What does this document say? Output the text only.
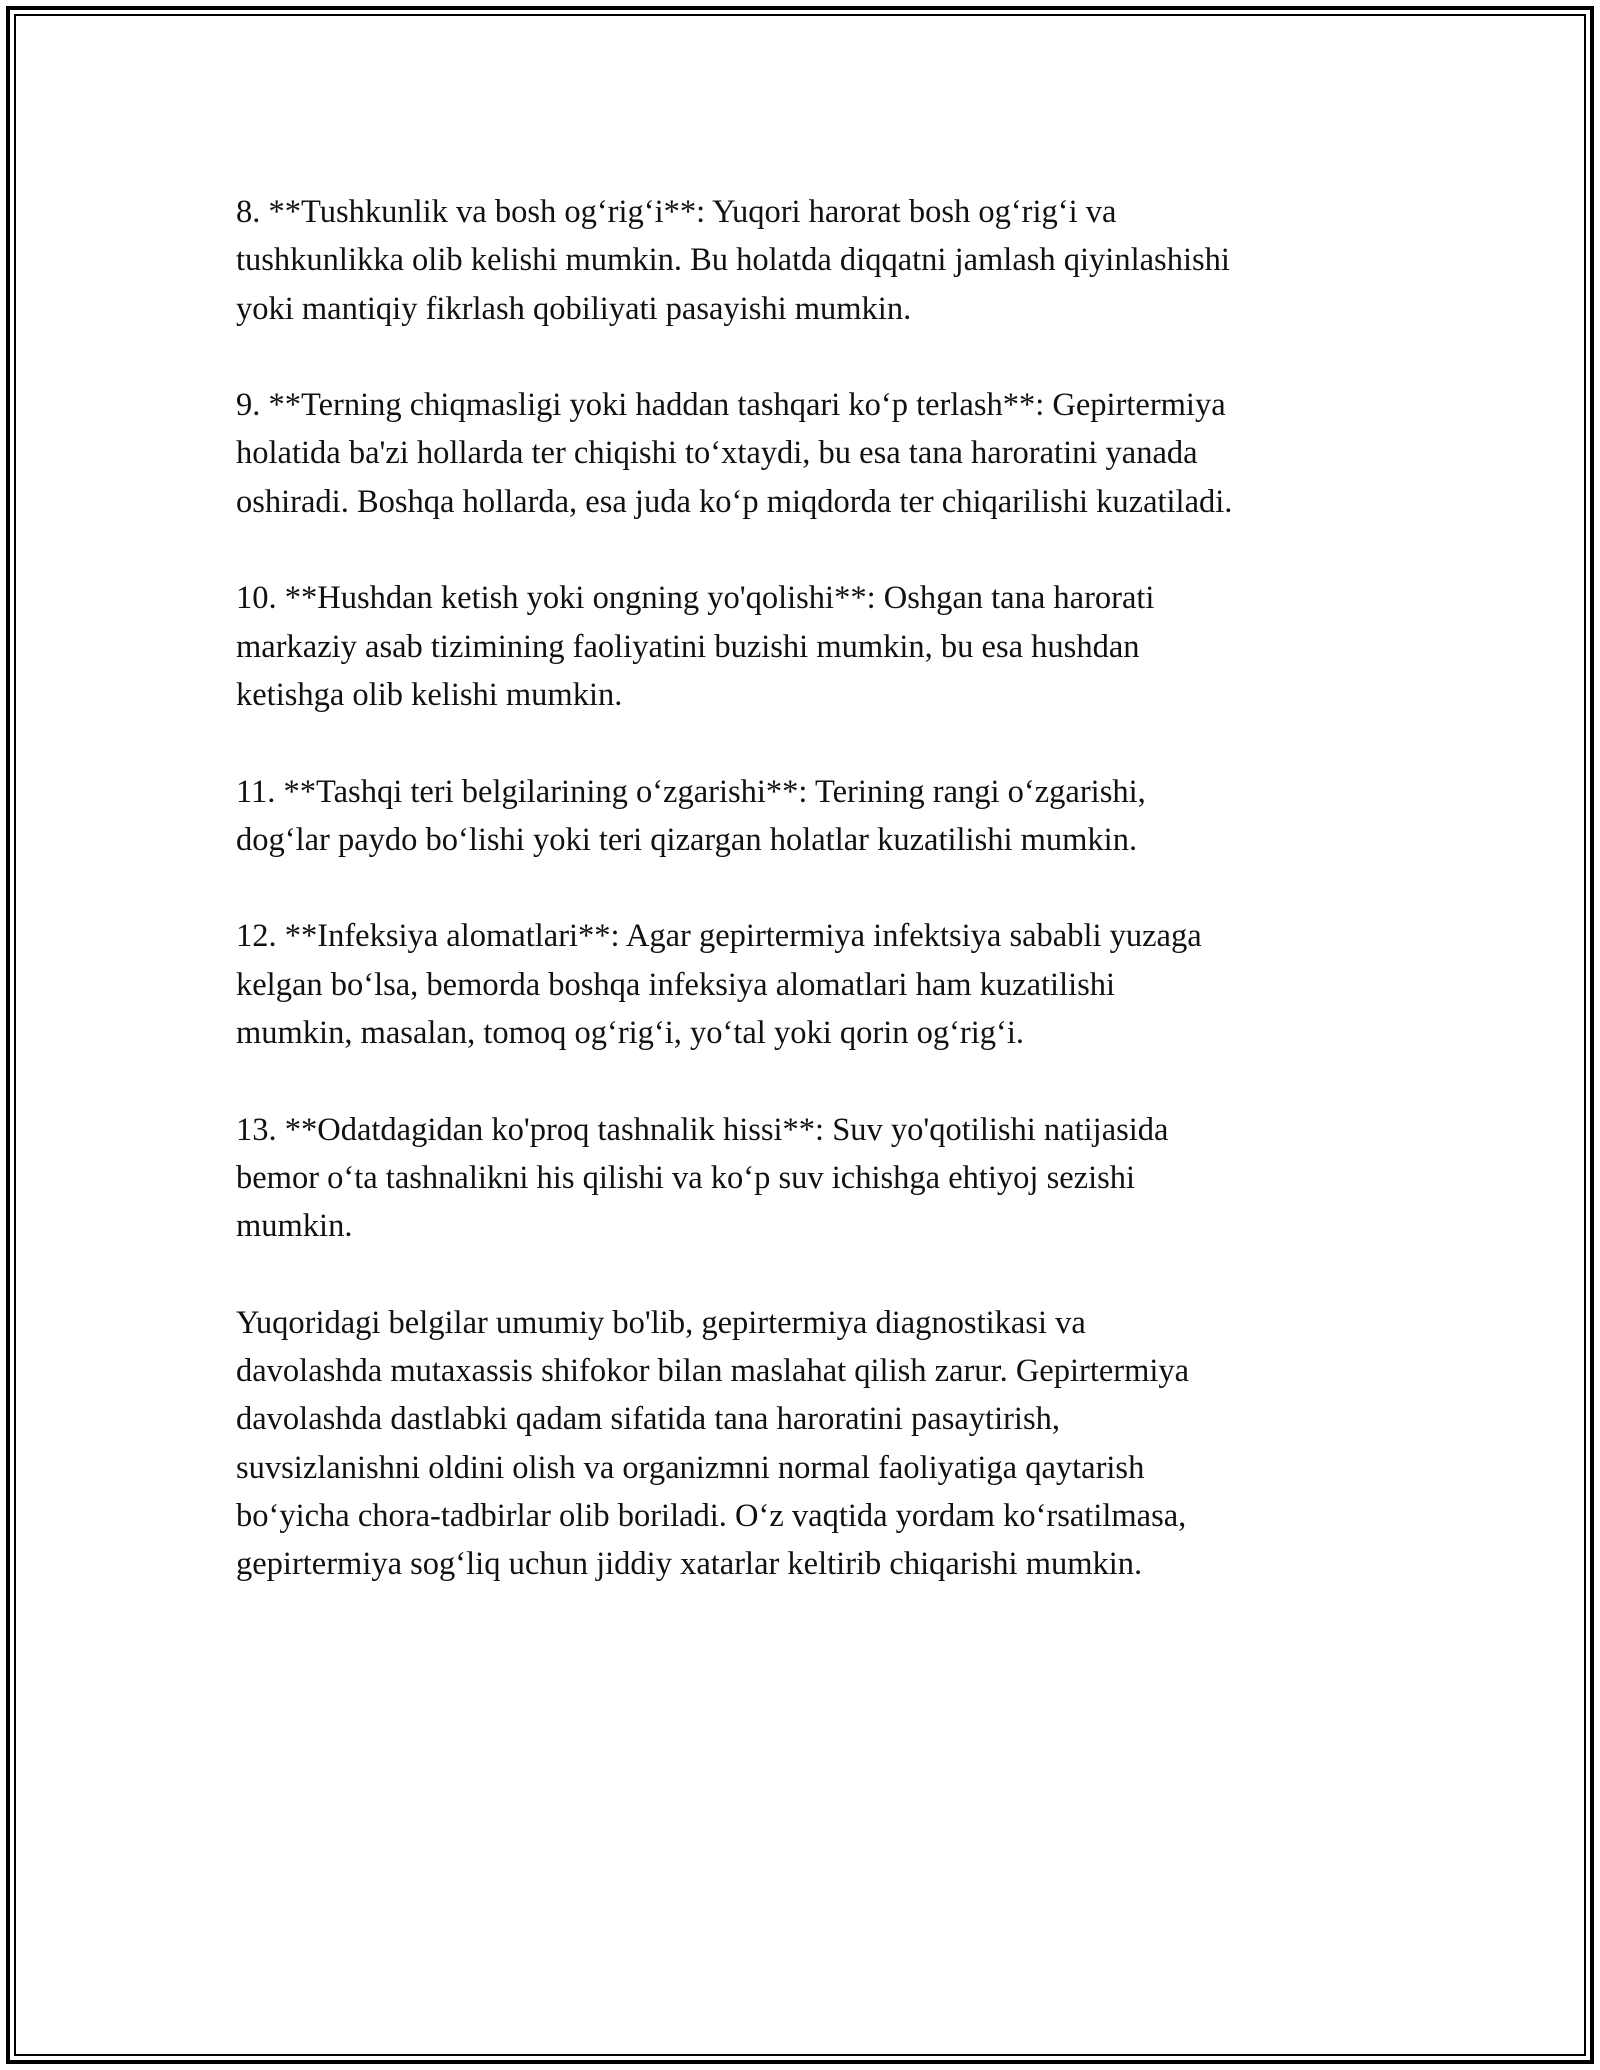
8. **Tushkunlik va bosh og‘rig‘i**: Yuqori harorat bosh og‘rig‘i va
tushkunlikka olib kelishi mumkin. Bu holatda diqqatni jamlash qiyinlashishi
yoki mantiqiy fikrlash qobiliyati pasayishi mumkin.

9. **Terning chiqmasligi yoki haddan tashqari ko‘p terlash**: Gepirtermiya
holatida ba'zi hollarda ter chiqishi to‘xtaydi, bu esa tana haroratini yanada
oshiradi. Boshqa hollarda, esa juda ko‘p miqdorda ter chiqarilishi kuzatiladi.

10. **Hushdan ketish yoki ongning yo'qolishi**: Oshgan tana harorati
markaziy asab tizimining faoliyatini buzishi mumkin, bu esa hushdan
ketishga olib kelishi mumkin.

11. **Tashqi teri belgilarining o‘zgarishi**: Terining rangi o‘zgarishi,
dog‘lar paydo bo‘lishi yoki teri qizargan holatlar kuzatilishi mumkin.

12. **Infeksiya alomatlari**: Agar gepirtermiya infektsiya sababli yuzaga
kelgan bo‘lsa, bemorda boshqa infeksiya alomatlari ham kuzatilishi
mumkin, masalan, tomoq og‘rig‘i, yo‘tal yoki qorin og‘rig‘i.

13. **Odatdagidan ko'proq tashnalik hissi**: Suv yo'qotilishi natijasida
bemor o‘ta tashnalikni his qilishi va ko‘p suv ichishga ehtiyoj sezishi
mumkin.

Yuqoridagi belgilar umumiy bo'lib, gepirtermiya diagnostikasi va
davolashda mutaxassis shifokor bilan maslahat qilish zarur. Gepirtermiya
davolashda dastlabki qadam sifatida tana haroratini pasaytirish,
suvsizlanishni oldini olish va organizmni normal faoliyatiga qaytarish
bo‘yicha chora-tadbirlar olib boriladi. O‘z vaqtida yordam ko‘rsatilmasa,
gepirtermiya sog‘liq uchun jiddiy xatarlar keltirib chiqarishi mumkin.
